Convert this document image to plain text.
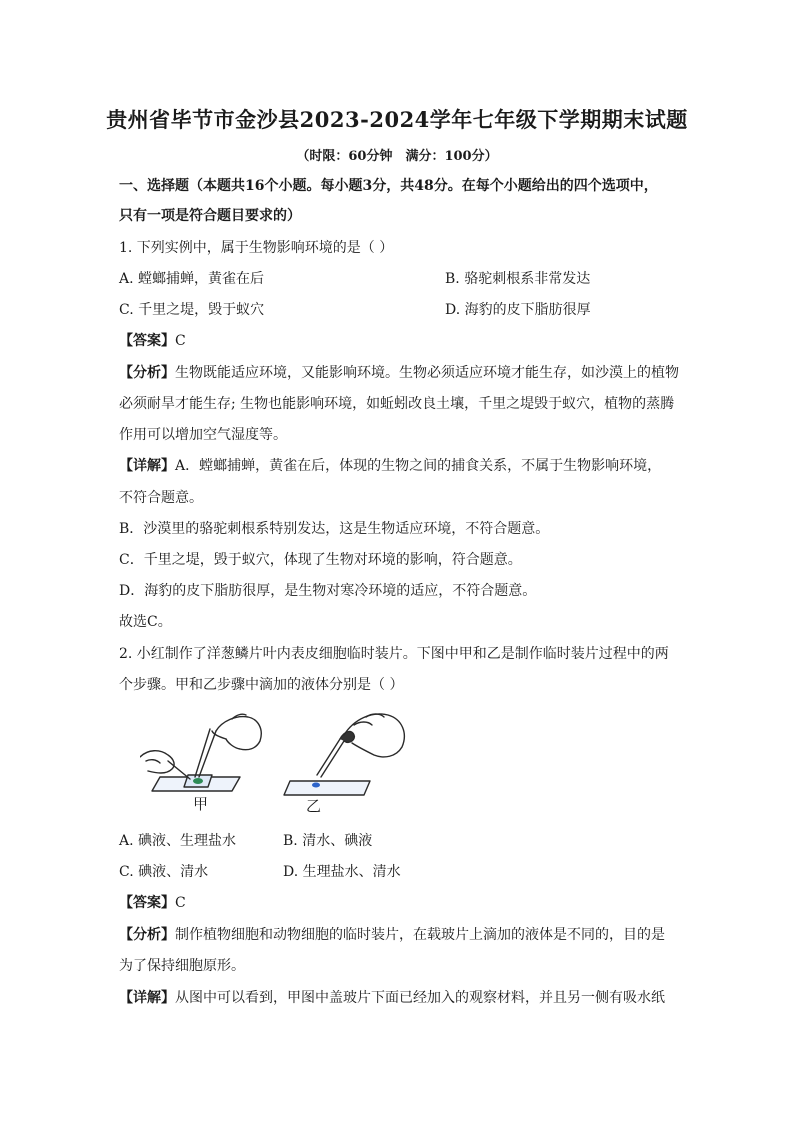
贵州省毕节市金沙县2023-2024学年七年级下学期期末试题
（时限：60分钟　满分：100分）
一、选择题（本题共16个小题。每小题3分，共48分。在每个小题给出的四个选项中，
只有一项是符合题目要求的）
1. 下列实例中，属于生物影响环境的是（ ）
A. 螳螂捕蝉，黄雀在后	B. 骆驼刺根系非常发达
C. 千里之堤，毁于蚁穴	D. 海豹的皮下脂肪很厚
【答案】C
【分析】生物既能适应环境，又能影响环境。生物必须适应环境才能生存，如沙漠上的植物
必须耐旱才能生存; 生物也能影响环境，如蚯蚓改良土壤，千里之堤毁于蚁穴，植物的蒸腾
作用可以增加空气湿度等。
【详解】A．螳螂捕蝉，黄雀在后，体现的生物之间的捕食关系，不属于生物影响环境，
不符合题意。
B．沙漠里的骆驼刺根系特别发达，这是生物适应环境，不符合题意。
C．千里之堤，毁于蚁穴，体现了生物对环境的影响，符合题意。
D．海豹的皮下脂肪很厚，是生物对寒冷环境的适应，不符合题意。
故选C。
2. 小红制作了洋葱鳞片叶内表皮细胞临时装片。下图中甲和乙是制作临时装片过程中的两
个步骤。甲和乙步骤中滴加的液体分别是（ ）
甲	乙
A. 碘液、生理盐水	B. 清水、碘液
C. 碘液、清水	D. 生理盐水、清水
【答案】C
【分析】制作植物细胞和动物细胞的临时装片，在载玻片上滴加的液体是不同的，目的是
为了保持细胞原形。
【详解】从图中可以看到，甲图中盖玻片下面已经加入的观察材料，并且另一侧有吸水纸
